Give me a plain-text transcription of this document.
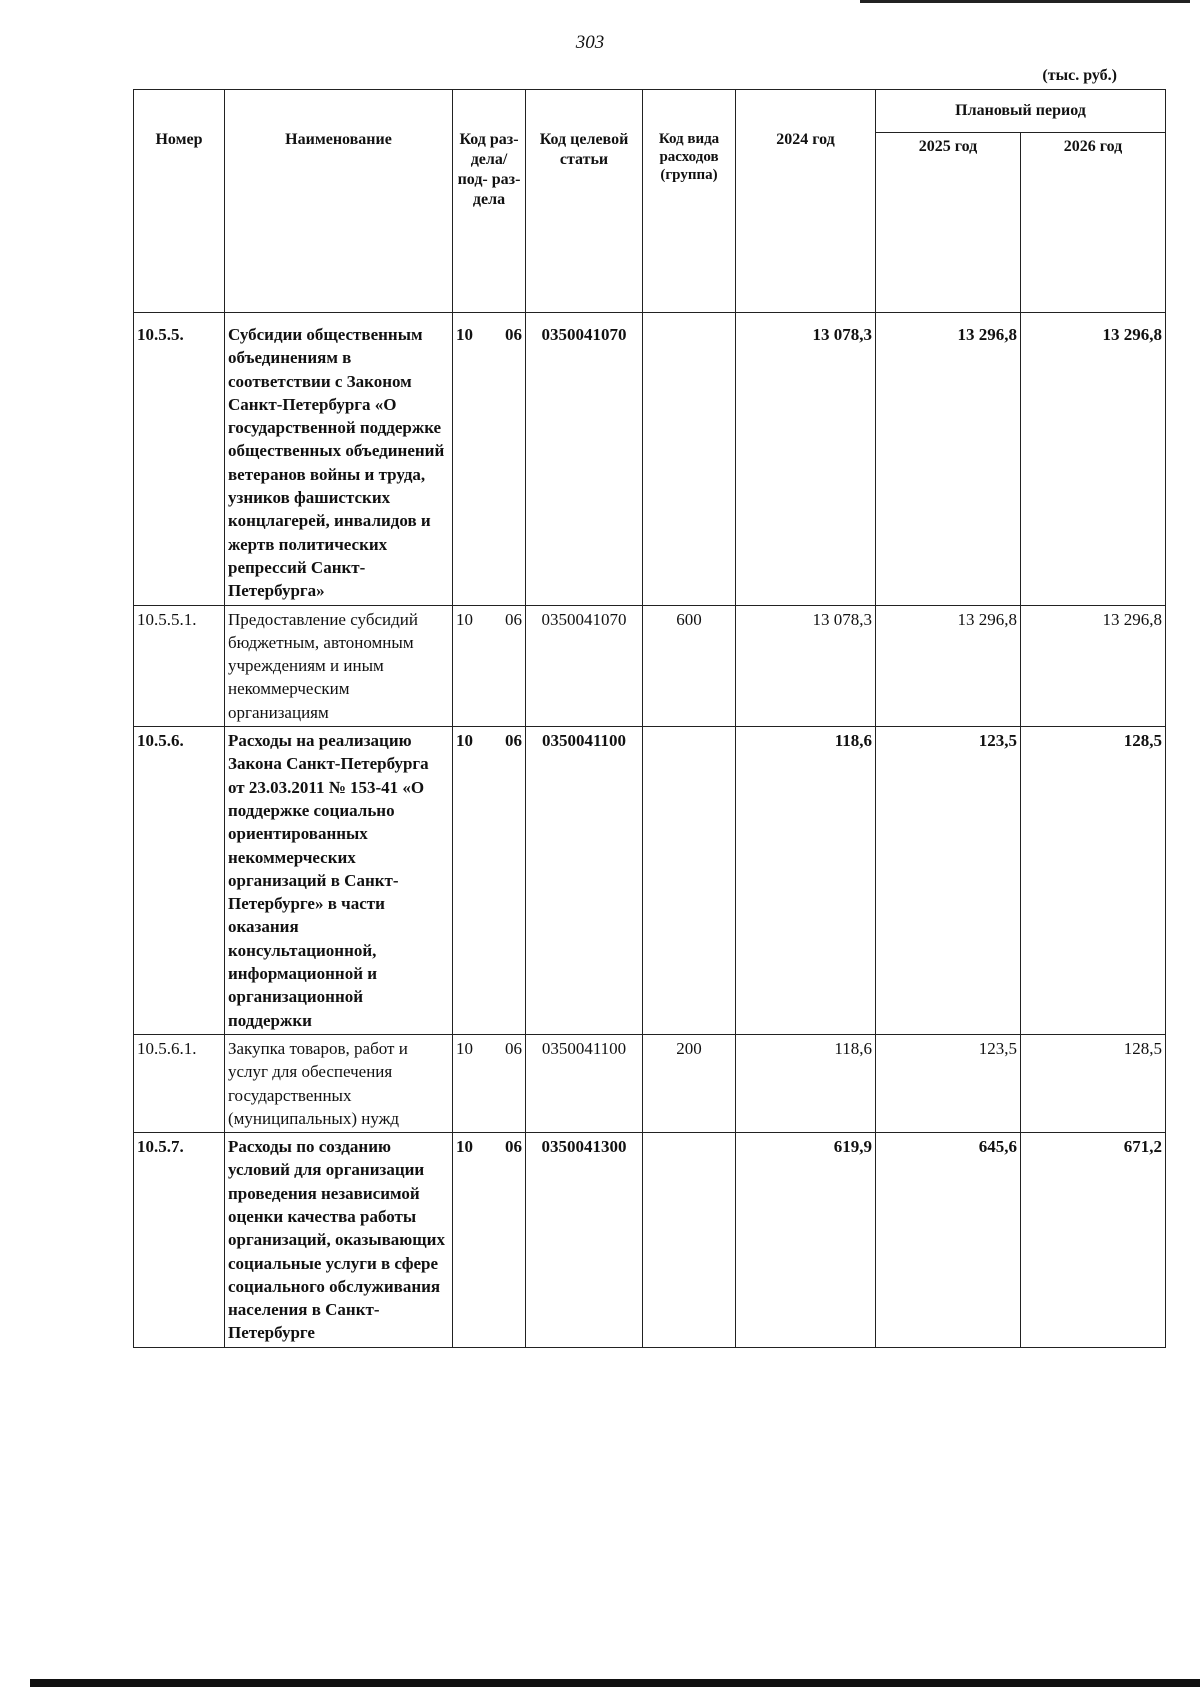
303
(тыс. руб.)
Номер	Наименование	Код раз- дела/ под- раз- дела	Код целевой статьи	Код вида расходов (группа)	2024 год	Плановый период	
						2025 год	2026 год
10.5.5.	Субсидии общественным объединениям в соответствии с Законом Санкт-Петербурга «О государственной поддержке общественных объединений ветеранов войны и труда, узников фашистских концлагерей, инвалидов и жертв политических репрессий Санкт-Петербурга»	10 06	0350041070		13 078,3	13 296,8	13 296,8
10.5.5.1.	Предоставление субсидий бюджетным, автономным учреждениям и иным некоммерческим организациям	10 06	0350041070	600	13 078,3	13 296,8	13 296,8
10.5.6.	Расходы на реализацию Закона Санкт-Петербурга от 23.03.2011 № 153-41 «О поддержке социально ориентированных некоммерческих организаций в Санкт-Петербурге» в части оказания консультационной, информационной и организационной поддержки	10 06	0350041100		118,6	123,5	128,5
10.5.6.1.	Закупка товаров, работ и услуг для обеспечения государственных (муниципальных) нужд	10 06	0350041100	200	118,6	123,5	128,5
10.5.7.	Расходы по созданию условий для организации проведения независимой оценки качества работы организаций, оказывающих социальные услуги в сфере социального обслуживания населения в Санкт-Петербурге	10 06	0350041300		619,9	645,6	671,2
